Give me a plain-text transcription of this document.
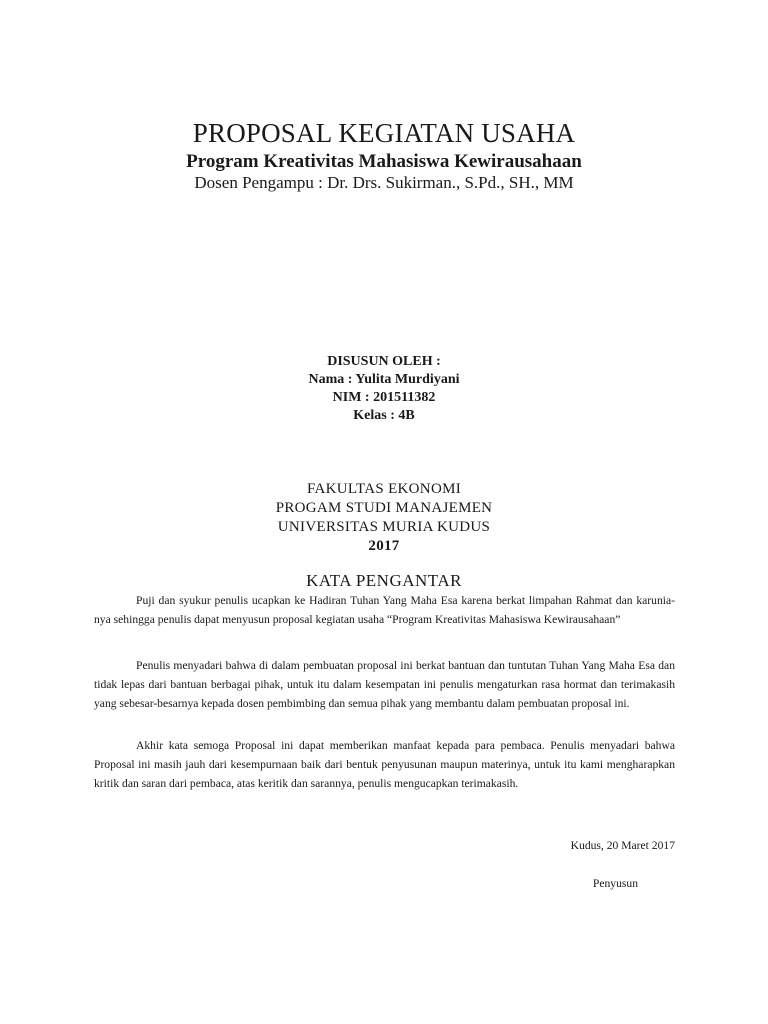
PROPOSAL KEGIATAN USAHA
Program Kreativitas Mahasiswa Kewirausahaan
Dosen Pengampu : Dr. Drs. Sukirman., S.Pd., SH., MM
DISUSUN OLEH :
Nama : Yulita Murdiyani
NIM : 201511382
Kelas : 4B
FAKULTAS EKONOMI
PROGAM STUDI MANAJEMEN
UNIVERSITAS MURIA KUDUS
2017
KATA PENGANTAR

Puji dan syukur penulis ucapkan ke Hadiran Tuhan Yang Maha Esa karena berkat limpahan Rahmat dan karunia-nya sehingga penulis dapat menyusun proposal kegiatan usaha “Program Kreativitas Mahasiswa Kewirausahaan”

Penulis menyadari bahwa di dalam pembuatan proposal ini berkat bantuan dan tuntutan Tuhan Yang Maha Esa dan tidak lepas dari bantuan berbagai pihak, untuk itu dalam kesempatan ini penulis mengaturkan rasa hormat dan terimakasih yang sebesar-besarnya kepada dosen pembimbing dan semua pihak yang membantu dalam pembuatan proposal ini.

Akhir kata semoga Proposal ini dapat memberikan manfaat kepada para pembaca. Penulis menyadari bahwa Proposal ini masih jauh dari kesempurnaan baik dari bentuk penyusunan maupun materinya, untuk itu kami mengharapkan kritik dan saran dari pembaca, atas keritik dan sarannya, penulis mengucapkan terimakasih.

Kudus, 20 Maret 2017
Penyusun
